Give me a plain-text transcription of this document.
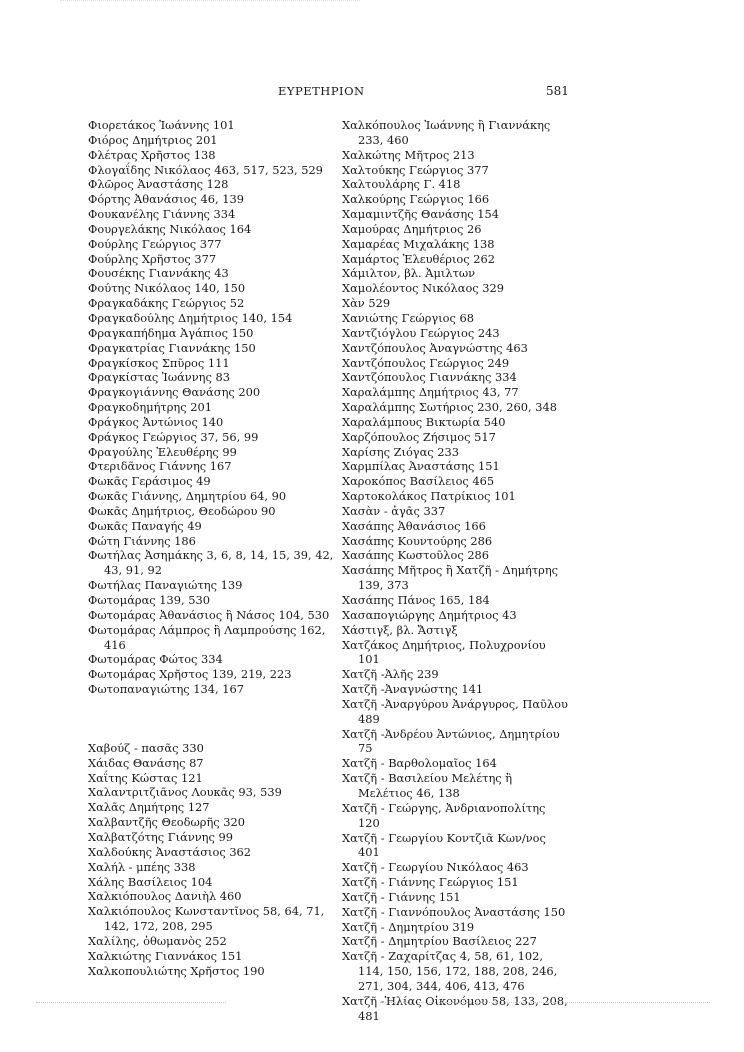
ΕΥΡΕΤΗΡΙΟΝ	581
Φιορετάκος Ἰωάννης 101
Φιόρος Δημήτριος 201
Φλέτρας Χρῆστος 138
Φλογαΐδης Νικόλαος 463, 517, 523, 529
Φλῶρος Ἀναστάσης 128
Φόρτης Ἀθανάσιος 46, 139
Φουκανέλης Γιάννης 334
Φουργελάκης Νικόλαος 164
Φούρλης Γεώργιος 377
Φούρλης Χρῆστος 377
Φουσέκης Γιαννάκης 43
Φούτης Νικόλαος 140, 150
Φραγκαδάκης Γεώργιος 52
Φραγκαδούλης Δημήτριος 140, 154
Φραγκαπήδημα Ἀγάπιος 150
Φραγκατρίας Γιαννάκης 150
Φραγκίσκος Σπῦρος 111
Φραγκίστας Ἰωάννης 83
Φραγκογιάννης Θανάσης 200
Φραγκοδημήτρης 201
Φράγκος Ἀντώνιος 140
Φράγκος Γεώργιος 37, 56, 99
Φραγούλης Ἐλευθέρης 99
Φτεριδᾶνος Γιάννης 167
Φωκᾶς Γεράσιμος 49
Φωκᾶς Γιάννης, Δημητρίου 64, 90
Φωκᾶς Δημήτριος, Θεοδώρου 90
Φωκᾶς Παναγής 49
Φώτη Γιάννης 186
Φωτήλας Ἀσημάκης 3, 6, 8, 14, 15, 39, 42, 43, 91, 92
Φωτήλας Παναγιώτης 139
Φωτομάρας 139, 530
Φωτομάρας Ἀθανάσιος ἢ Νάσος 104, 530
Φωτομάρας Λάμπρος ἢ Λαμπρούσης 162, 416
Φωτομάρας Φώτος 334
Φωτομάρας Χρῆστος 139, 219, 223
Φωτοπαναγιώτης 134, 167
Χαβούζ - πασᾶς 330
Χάιδας Θανάσης 87
Χαΐτης Κώστας 121
Χαλαντριτζιᾶνος Λουκᾶς 93, 539
Χαλᾶς Δημήτρης 127
Χαλβαντζῆς Θεοδωρῆς 320
Χαλβατζότης Γιάννης 99
Χαλδούκης Ἀναστάσιος 362
Χαλήλ - μπέης 338
Χάλης Βασίλειος 104
Χαλκιόπουλος Δανιὴλ 460
Χαλκιόπουλος Κωνσταντῖνος 58, 64, 71, 142, 172, 208, 295
Χαλίλης, ὀθωμανὸς 252
Χαλκιώτης Γιαννάκος 151
Χαλκοπουλιώτης Χρῆστος 190
Χαλκόπουλος Ἰωάννης ἢ Γιαννάκης 233, 460
Χαλκώτης Μῆτρος 213
Χαλτούκης Γεώργιος 377
Χαλτουλάρης Γ. 418
Χαλκούρης Γεώργιος 166
Χαμαμιντζῆς Θανάσης 154
Χαμούρας Δημήτριος 26
Χαμαρέας Μιχαλάκης 138
Χαμάρτος Ἐλευθέριος 262
Χάμιλτον, βλ. Ἀμιλτων
Χαμολέοντος Νικόλαος 329
Χὰν 529
Χανιώτης Γεώργιος 68
Χαντζιόγλου Γεώργιος 243
Χαντζόπουλος Ἀναγνώστης 463
Χαντζόπουλος Γεώργιος 249
Χαντζόπουλος Γιαννάκης 334
Χαραλάμπης Δημήτριος 43, 77
Χαραλάμπης Σωτήριος 230, 260, 348
Χαραλάμπους Βικτωρία 540
Χαρζόπουλος Ζήσιμος 517
Χαρίσης Ζιόγας 233
Χαρμπίλας Ἀναστάσης 151
Χαροκόπος Βασίλειος 465
Χαρτοκολάκος Πατρίκιος 101
Χασὰν - ἀγᾶς 337
Χασάπης Ἀθανάσιος 166
Χασάπης Κουντούρης 286
Χασάπης Κωστοῦλος 286
Χασάπης Μῆτρος ἢ Χατζῆ - Δημήτρης 139, 373
Χασάπης Πάνος 165, 184
Χασαπογιώργης Δημήτριος 43
Χάστιγξ, βλ. Ἄστιγξ
Χατζάκος Δημήτριος, Πολυχρονίου 101
Χατζῆ -Ἀλῆς 239
Χατζῆ -Ἀναγνώστης 141
Χατζῆ -Ἀναργύρου Ἀνάργυρος, Παῦλου 489
Χατζῆ -Ἀνδρέου Ἀντώνιος, Δημητρίου 75
Χατζῆ - Βαρθολομαῖος 164
Χατζῆ - Βασιλείου Μελέτης ἢ Μελέτιος 46, 138
Χατζῆ - Γεώργης, Ἀνδριανοπολίτης 120
Χατζῆ - Γεωργίου Κοντζιᾶ Κων/νος 401
Χατζῆ - Γεωργίου Νικόλαος 463
Χατζῆ - Γιάννης Γεώργιος 151
Χατζῆ - Γιάννης 151
Χατζῆ - Γιαννόπουλος Ἀναστάσης 150
Χατζῆ - Δημητρίου 319
Χατζῆ - Δημητρίου Βασίλειος 227
Χατζῆ - Ζαχαρίτζας 4, 58, 61, 102, 114, 150, 156, 172, 188, 208, 246, 271, 304, 344, 406, 413, 476
Χατζῆ -Ἡλίας Οἰκονόμου 58, 133, 208, 481
